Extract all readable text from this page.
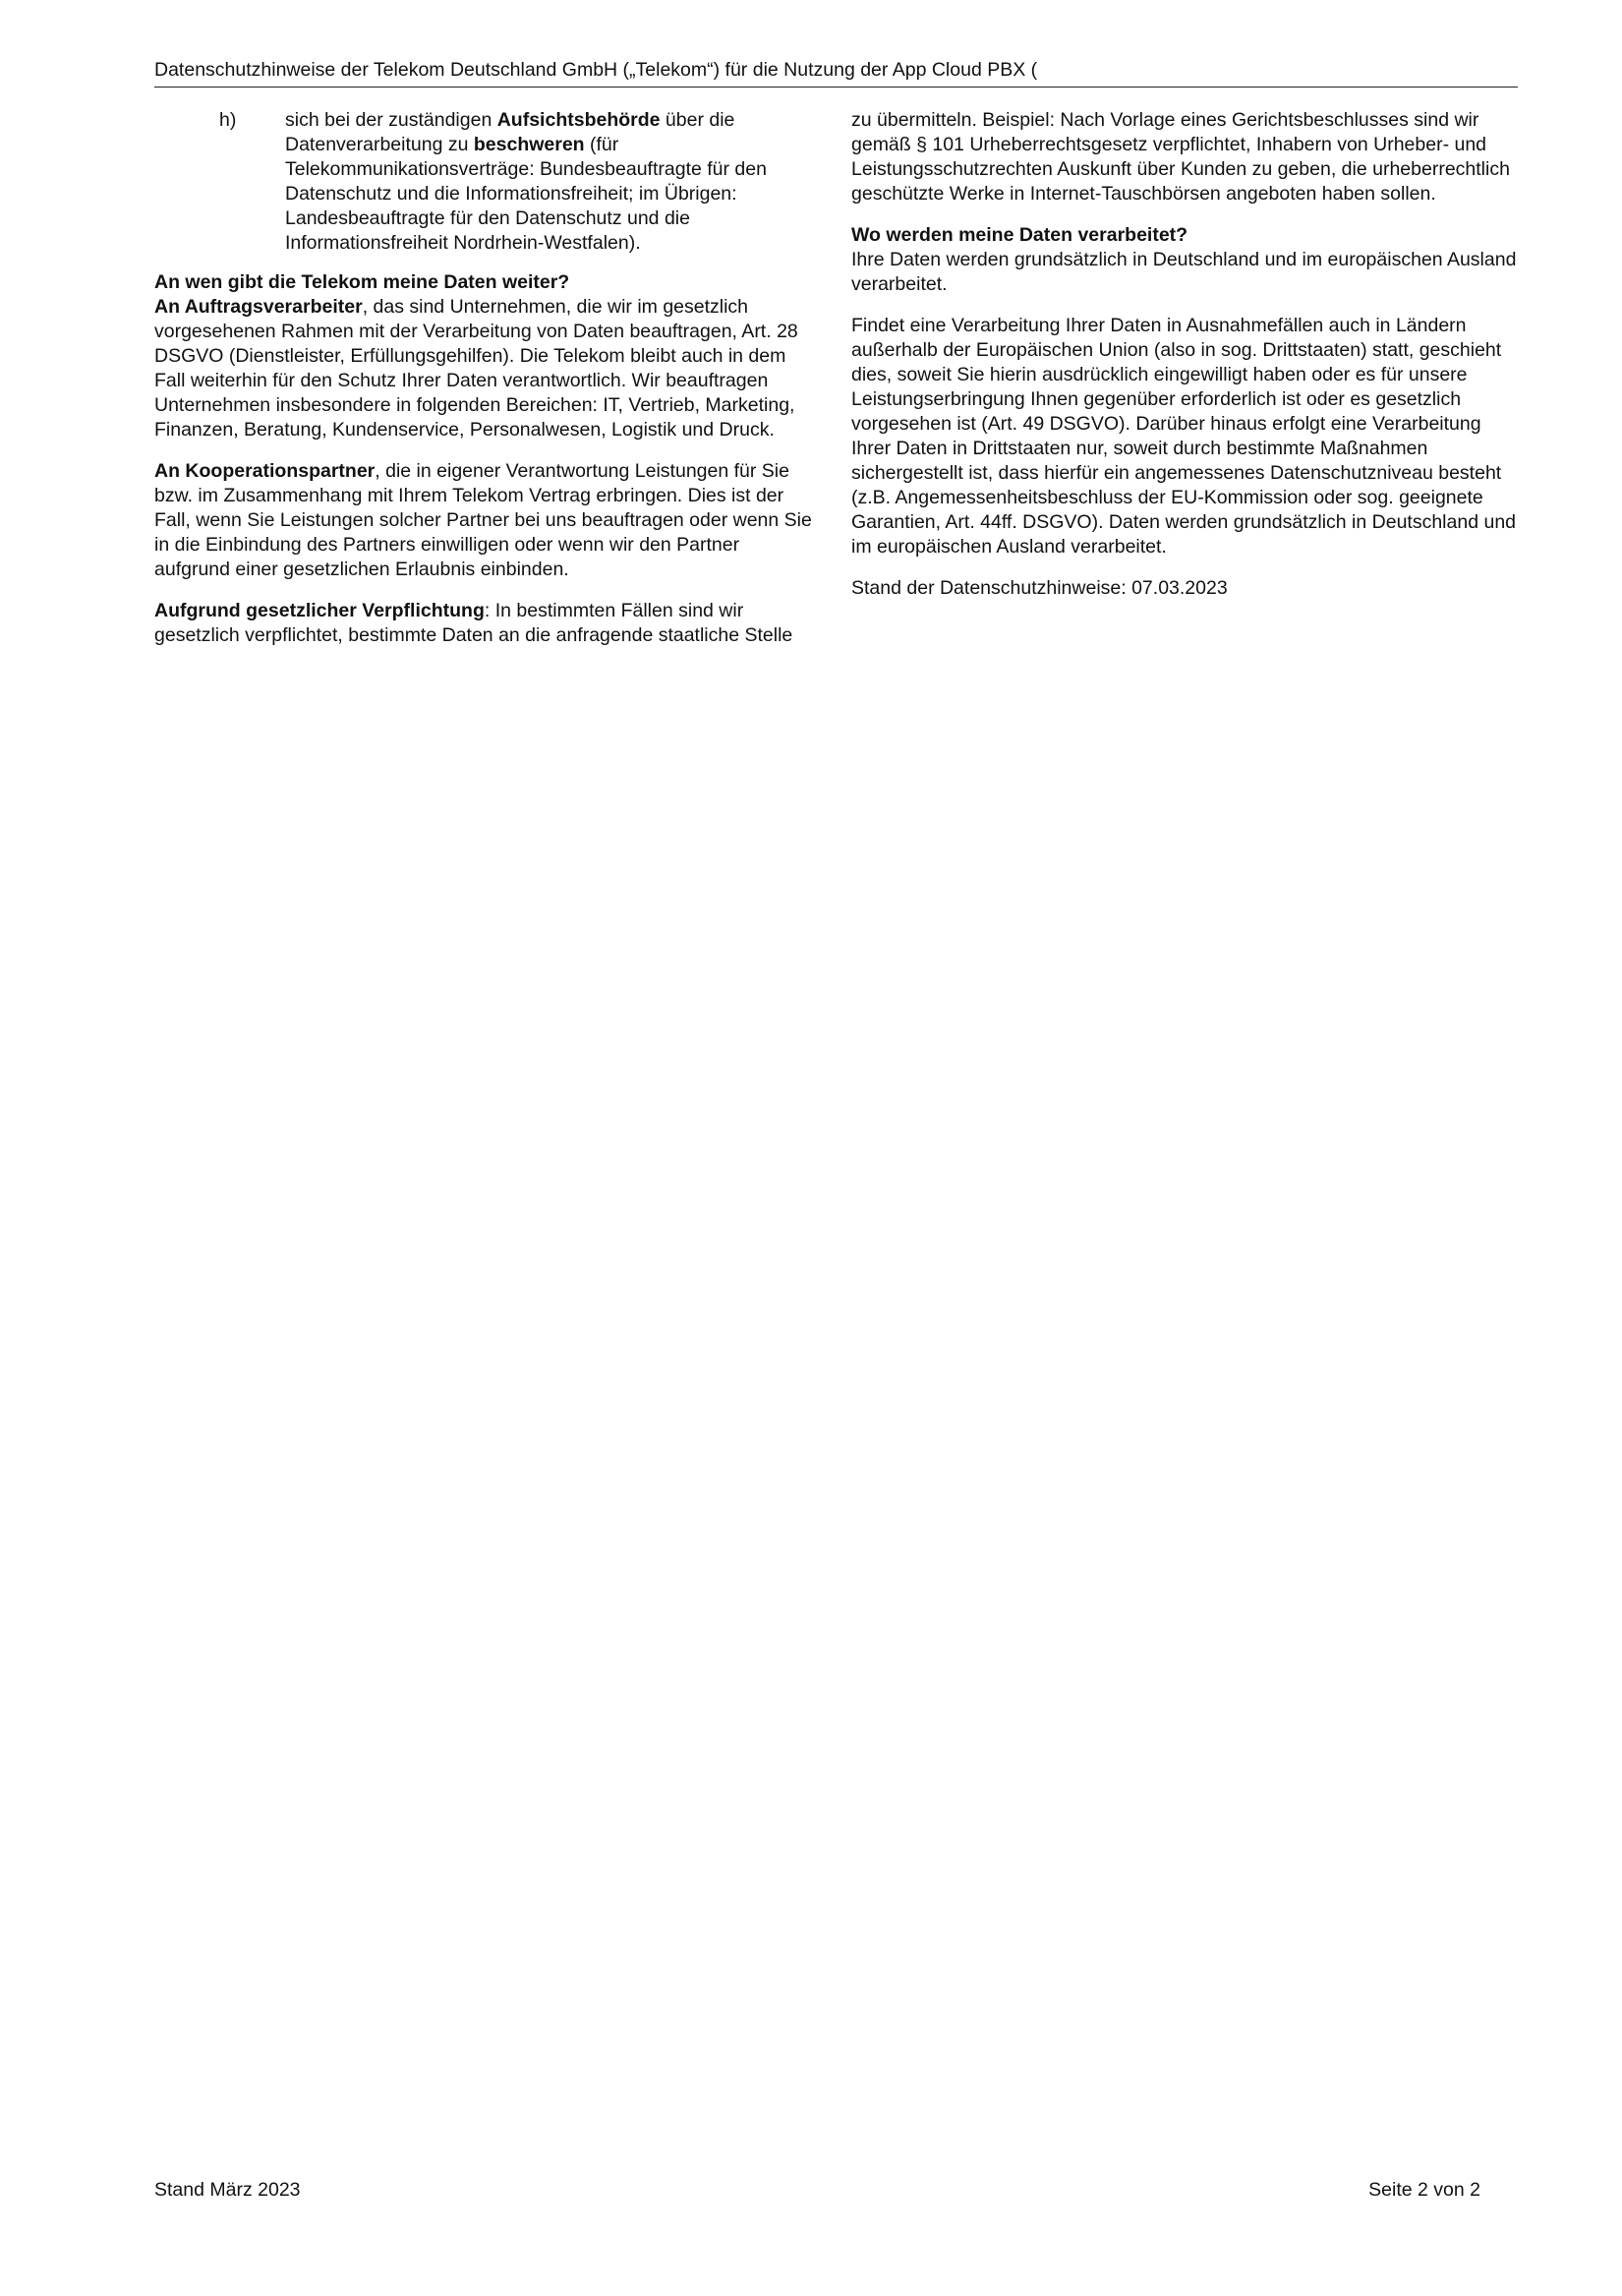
Datenschutzhinweise der Telekom Deutschland GmbH („Telekom“) für die Nutzung der App Cloud PBX (
h)	sich bei der zuständigen Aufsichtsbehörde über die Datenverarbeitung zu beschweren (für Telekommunikationsverträge: Bundesbeauftragte für den Datenschutz und die Informationsfreiheit; im Übrigen: Landesbeauftragte für den Datenschutz und die Informationsfreiheit Nordrhein-Westfalen).
An wen gibt die Telekom meine Daten weiter?

An Auftragsverarbeiter, das sind Unternehmen, die wir im gesetzlich vorgesehenen Rahmen mit der Verarbeitung von Daten beauftragen, Art. 28 DSGVO (Dienstleister, Erfüllungsgehilfen). Die Telekom bleibt auch in dem Fall weiterhin für den Schutz Ihrer Daten verantwortlich. Wir beauftragen Unternehmen insbesondere in folgenden Bereichen: IT, Vertrieb, Marketing, Finanzen, Beratung, Kundenservice, Personalwesen, Logistik und Druck.

An Kooperationspartner, die in eigener Verantwortung Leistungen für Sie bzw. im Zusammenhang mit Ihrem Telekom Vertrag erbringen. Dies ist der Fall, wenn Sie Leistungen solcher Partner bei uns beauftragen oder wenn Sie in die Einbindung des Partners einwilligen oder wenn wir den Partner aufgrund einer gesetzlichen Erlaubnis einbinden.

Aufgrund gesetzlicher Verpflichtung: In bestimmten Fällen sind wir gesetzlich verpflichtet, bestimmte Daten an die anfragende staatliche Stelle

zu übermitteln. Beispiel: Nach Vorlage eines Gerichtsbeschlusses sind wir gemäß § 101 Urheberrechtsgesetz verpflichtet, Inhabern von Urheber- und Leistungsschutzrechten Auskunft über Kunden zu geben, die urheberrechtlich geschützte Werke in Internet-Tauschbörsen angeboten haben sollen.

Wo werden meine Daten verarbeitet?

Ihre Daten werden grundsätzlich in Deutschland und im europäischen Ausland verarbeitet.

Findet eine Verarbeitung Ihrer Daten in Ausnahmefällen auch in Ländern außerhalb der Europäischen Union (also in sog. Drittstaaten) statt, geschieht dies, soweit Sie hierin ausdrücklich eingewilligt haben oder es für unsere Leistungserbringung Ihnen gegenüber erforderlich ist oder es gesetzlich vorgesehen ist (Art. 49 DSGVO). Darüber hinaus erfolgt eine Verarbeitung Ihrer Daten in Drittstaaten nur, soweit durch bestimmte Maßnahmen sichergestellt ist, dass hierfür ein angemessenes Datenschutzniveau besteht (z.B. Angemessenheitsbeschluss der EU-Kommission oder sog. geeignete Garantien, Art. 44ff. DSGVO). Daten werden grundsätzlich in Deutschland und im europäischen Ausland verarbeitet.

Stand der Datenschutzhinweise: 07.03.2023

Stand März 2023	Seite 2 von 2
